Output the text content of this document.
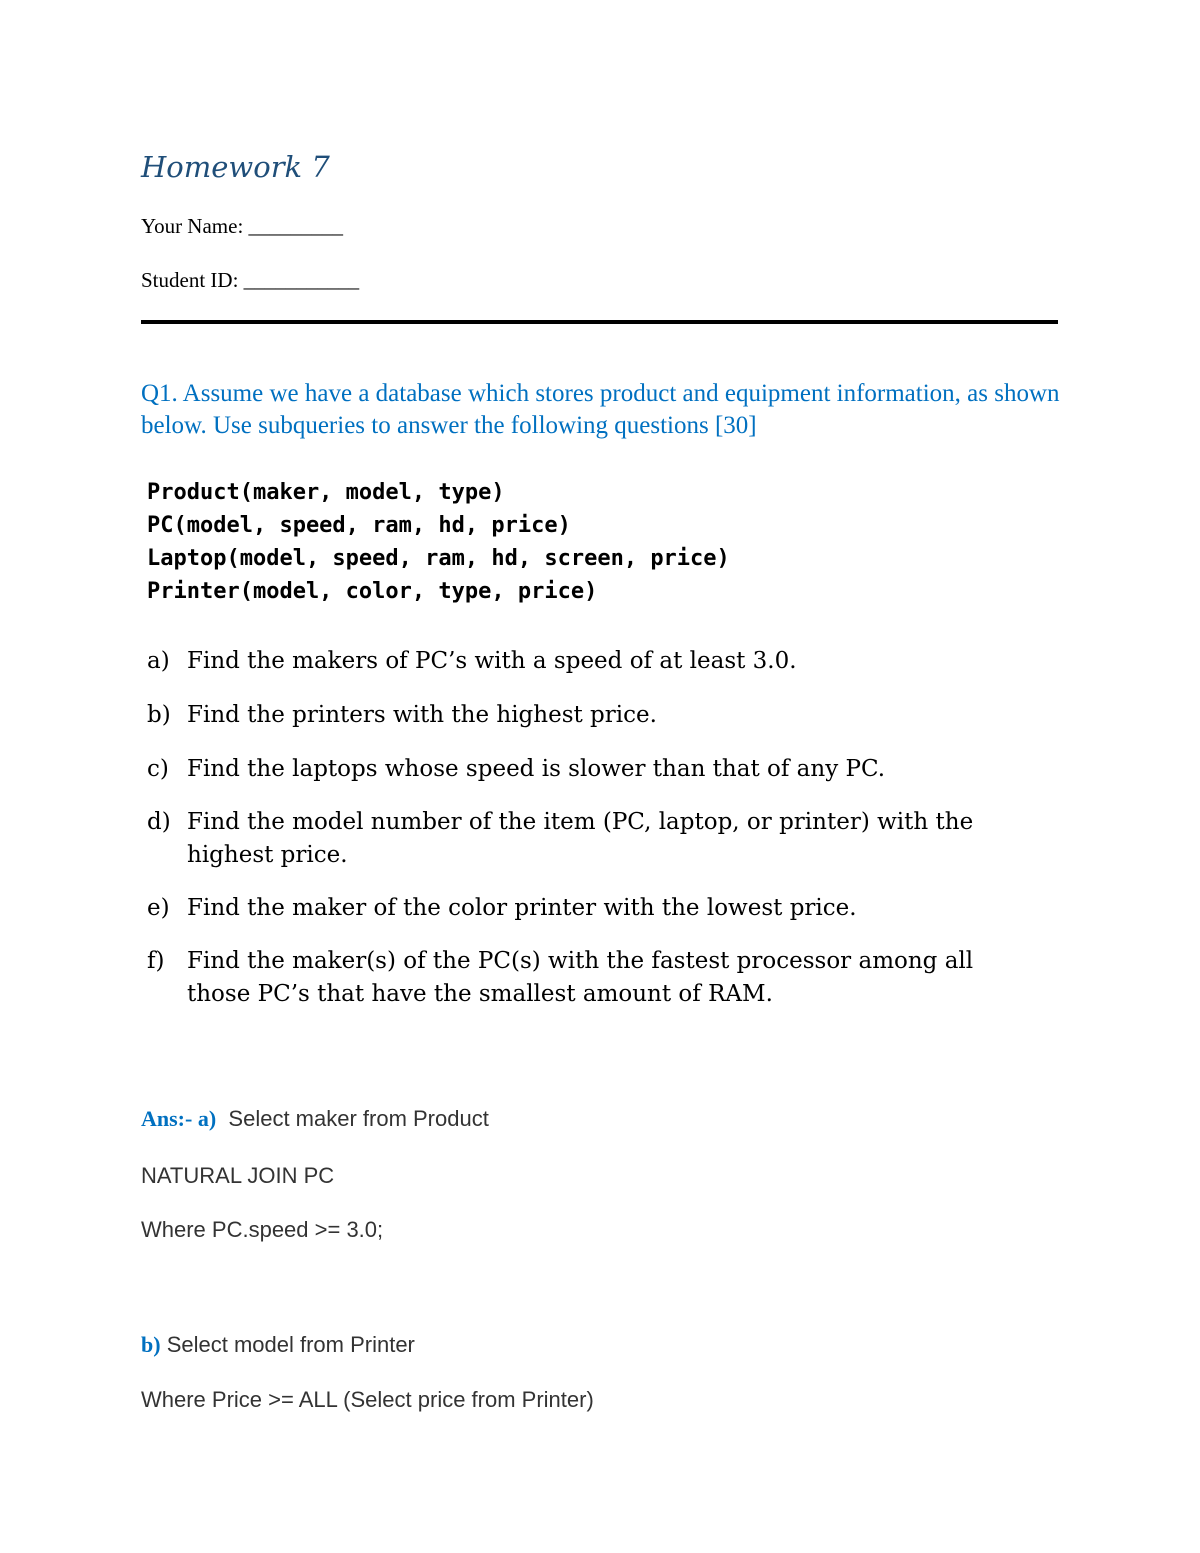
Homework 7
Your Name: _________
Student ID: ___________
Q1. Assume we have a database which stores product and equipment information, as shown below. Use subqueries to answer the following questions [30]
Product(maker, model, type)
PC(model, speed, ram, hd, price)
Laptop(model, speed, ram, hd, screen, price)
Printer(model, color, type, price)
a) Find the makers of PC’s with a speed of at least 3.0.
b) Find the printers with the highest price.
c) Find the laptops whose speed is slower than that of any PC.
d) Find the model number of the item (PC, laptop, or printer) with the highest price.
e) Find the maker of the color printer with the lowest price.
f) Find the maker(s) of the PC(s) with the fastest processor among all those PC’s that have the smallest amount of RAM.
Ans:- a) Select maker from Product
NATURAL JOIN PC
Where PC.speed >= 3.0;
b) Select model from Printer
Where Price >= ALL (Select price from Printer)
